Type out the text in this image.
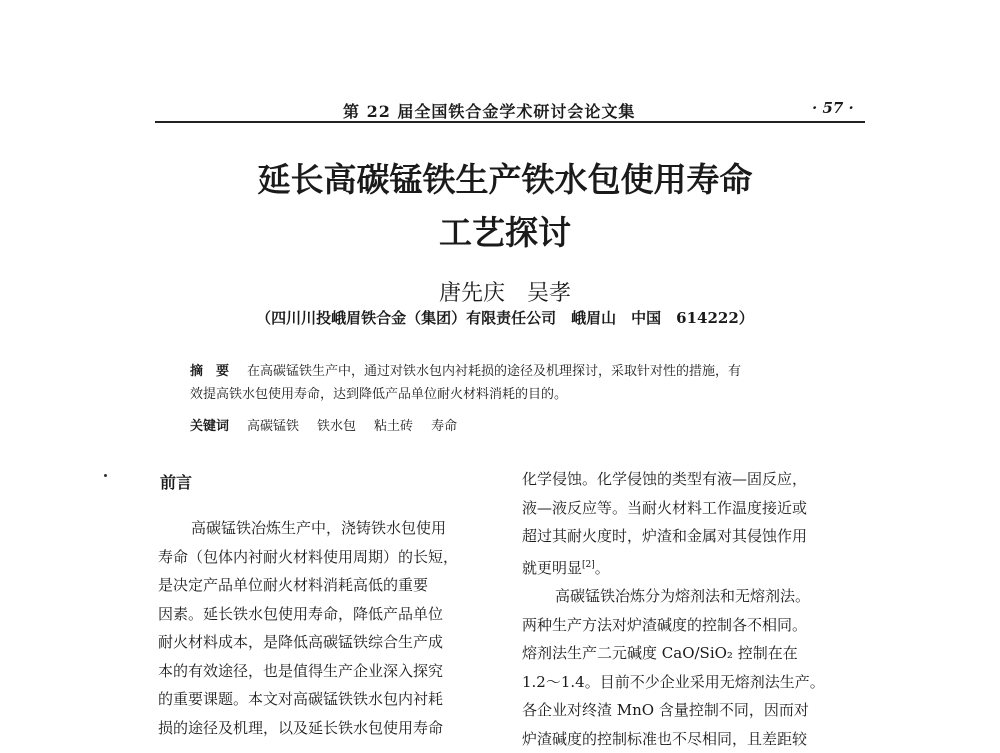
第 22 届全国铁合金学术研讨会论文集	· 57 ·
延长高碳锰铁生产铁水包使用寿命
工艺探讨
唐先庆　吴孝
（四川川投峨眉铁合金（集团）有限责任公司　峨眉山　中国　614222）

摘　要 在高碳锰铁生产中，通过对铁水包内衬耗损的途径及机理探讨，采取针对性的措施，有

效提高铁水包使用寿命，达到降低产品单位耐火材料消耗的目的。

关键词 高碳锰铁 铁水包 粘土砖 寿命
前言

高碳锰铁冶炼生产中，浇铸铁水包使用

寿命（包体内衬耐火材料使用周期）的长短，

是决定产品单位耐火材料消耗高低的重要

因素。延长铁水包使用寿命，降低产品单位

耐火材料成本，是降低高碳锰铁综合生产成

本的有效途径，也是值得生产企业深入探究

的重要课题。本文对高碳锰铁铁水包内衬耗

损的途径及机理，以及延长铁水包使用寿命

化学侵蚀。化学侵蚀的类型有液—固反应，

液—液反应等。当耐火材料工作温度接近或

超过其耐火度时，炉渣和金属对其侵蚀作用

就更明显[2]。

高碳锰铁冶炼分为熔剂法和无熔剂法。

两种生产方法对炉渣碱度的控制各不相同。

熔剂法生产二元碱度 CaO/SiO₂ 控制在在

1.2～1.4。目前不少企业采用无熔剂法生产。

各企业对终渣 MnO 含量控制不同，因而对

炉渣碱度的控制标准也不尽相同，且差距较
